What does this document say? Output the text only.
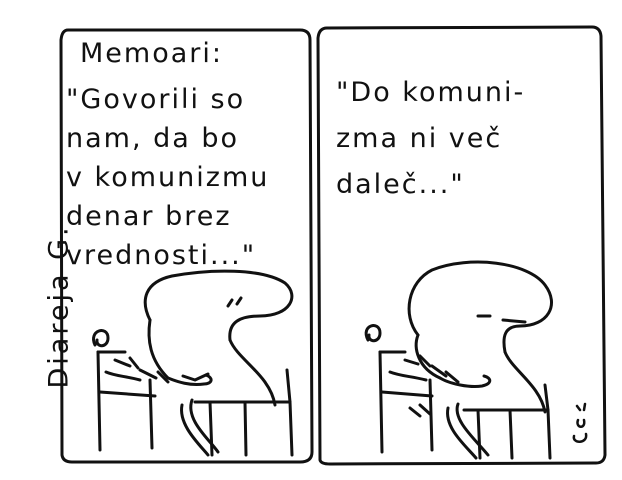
Memoari:
"Govorili so
nam, da bo
v komunizmu
denar brez
vrednosti..."
"Do komuni-
zma ni več
daleč..."
Diareja G.
